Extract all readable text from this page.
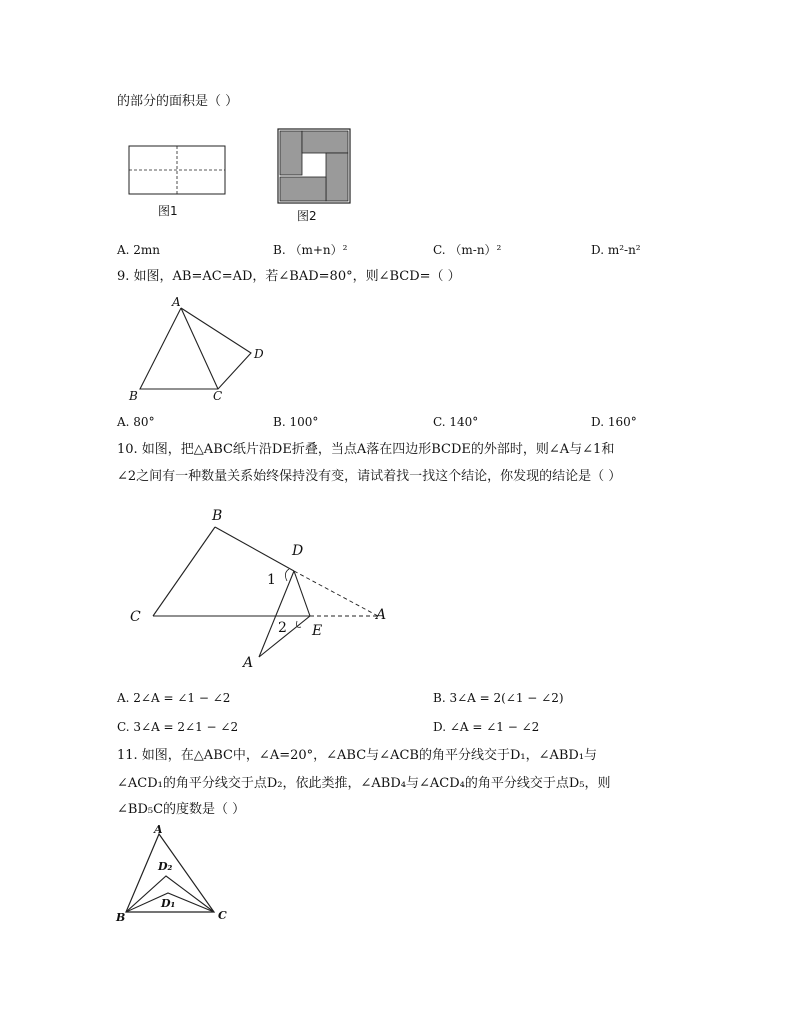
的部分的面积是（ ）
图1	图2
A. 2mn	B. （m+n）²	C. （m-n）²	D. m²-n²
9. 如图，AB=AC=AD，若∠BAD=80°，则∠BCD=（ ）
A
B	C
D
A. 80°	B. 100°	C. 140°	D. 160°
10. 如图，把△ABC纸片沿DE折叠，当点A落在四边形BCDE的外部时，则∠A与∠1和
∠2之间有一种数量关系始终保持没有变，请试着找一找这个结论，你发现的结论是（ ）
B
C
D
E
A
A
1
2
A. 2∠A = ∠1 − ∠2	B. 3∠A = 2(∠1 − ∠2)
C. 3∠A = 2∠1 − ∠2	D. ∠A = ∠1 − ∠2
11. 如图，在△ABC中，∠A=20°，∠ABC与∠ACB的角平分线交于D₁，∠ABD₁与
∠ACD₁的角平分线交于点D₂，依此类推，∠ABD₄与∠ACD₄的角平分线交于点D₅，则
∠BD₅C的度数是（ ）
A
B	C
D₂
D₁
